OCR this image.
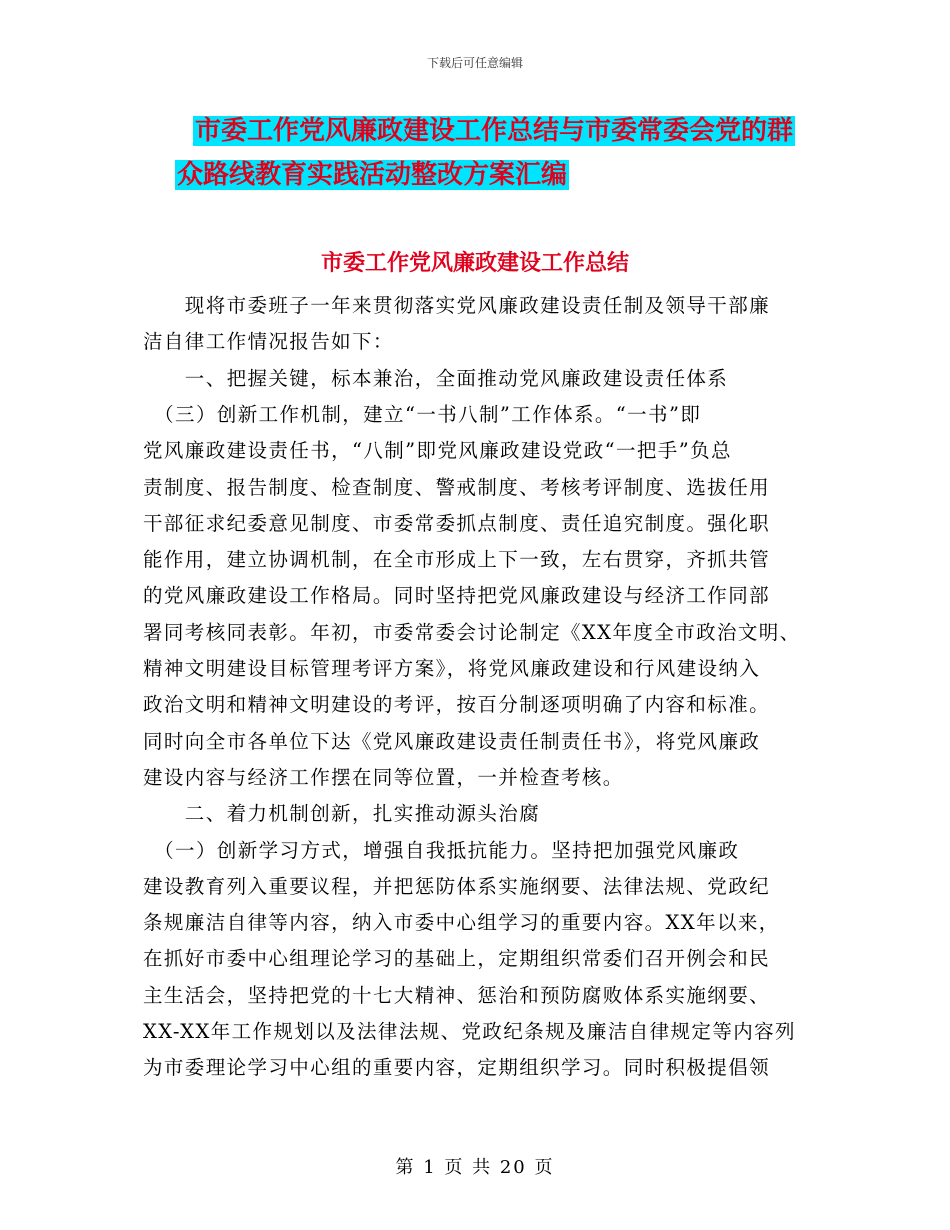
下载后可任意编辑
市委工作党风廉政建设工作总结与市委常委会党的群
众路线教育实践活动整改方案汇编
市委工作党风廉政建设工作总结
　　现将市委班子一年来贯彻落实党风廉政建设责任制及领导干部廉
洁自律工作情况报告如下：
　　一、把握关键，标本兼治，全面推动党风廉政建设责任体系
　（三）创新工作机制，建立“一书八制”工作体系。“一书”即
党风廉政建设责任书，“八制”即党风廉政建设党政“一把手”负总
责制度、报告制度、检查制度、警戒制度、考核考评制度、选拔任用
干部征求纪委意见制度、市委常委抓点制度、责任追究制度。强化职
能作用，建立协调机制，在全市形成上下一致，左右贯穿，齐抓共管
的党风廉政建设工作格局。同时坚持把党风廉政建设与经济工作同部
署同考核同表彰。年初，市委常委会讨论制定《XX年度全市政治文明、
精神文明建设目标管理考评方案》，将党风廉政建设和行风建设纳入
政治文明和精神文明建设的考评，按百分制逐项明确了内容和标准。
同时向全市各单位下达《党风廉政建设责任制责任书》，将党风廉政
建设内容与经济工作摆在同等位置，一并检查考核。
　　二、着力机制创新，扎实推动源头治腐
　（一）创新学习方式，增强自我抵抗能力。坚持把加强党风廉政
建设教育列入重要议程，并把惩防体系实施纲要、法律法规、党政纪
条规廉洁自律等内容，纳入市委中心组学习的重要内容。XX年以来，
在抓好市委中心组理论学习的基础上，定期组织常委们召开例会和民
主生活会，坚持把党的十七大精神、惩治和预防腐败体系实施纲要、
XX-XX年工作规划以及法律法规、党政纪条规及廉洁自律规定等内容列
为市委理论学习中心组的重要内容，定期组织学习。同时积极提倡领
第 1 页 共 20 页
